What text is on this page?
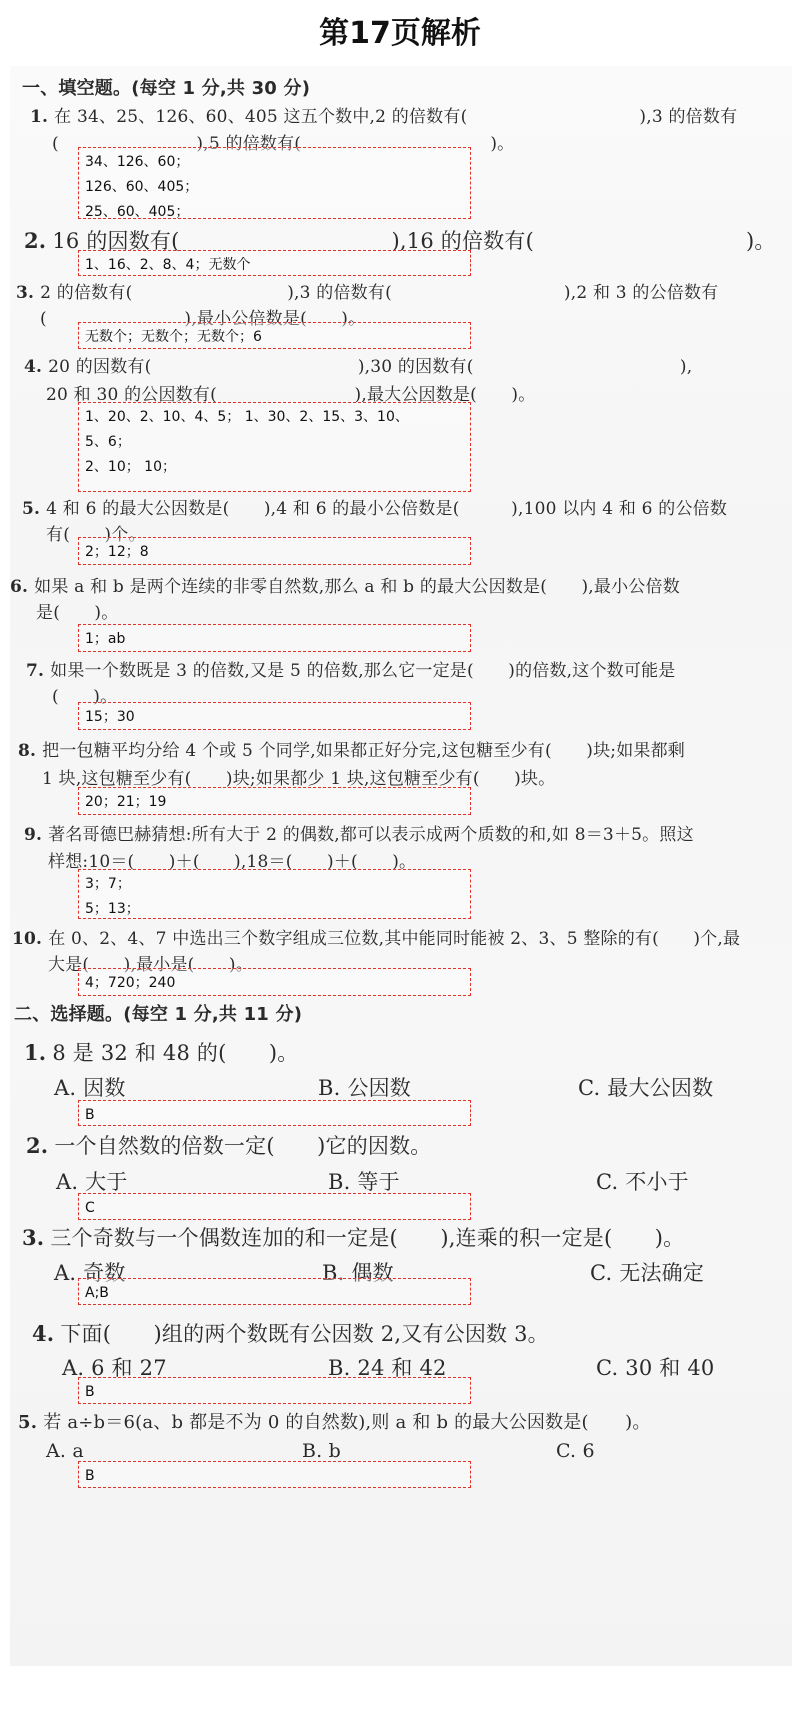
第17页解析
一、填空题。(每空 1 分,共 30 分)
1. 在 34、25、126、60、405 这五个数中,2 的倍数有(　　　　　　　　　　),3 的倍数有
(　　　　　　　　),5 的倍数有(　　　　　　　　　　　)。
34、126、60；
126、60、405；
25、60、405；
2. 16 的因数有(　　　　　　　　　　),16 的倍数有(　　　　　　　　　　)。
1、16、2、8、4；无数个
3. 2 的倍数有(　　　　　　　　　),3 的倍数有(　　　　　　　　　　),2 和 3 的公倍数有
(　　　　　　　　),最小公倍数是(　　)。
无数个；无数个；无数个；6
4. 20 的因数有(　　　　　　　　　　　　),30 的因数有(　　　　　　　　　　　　),
20 和 30 的公因数有(　　　　　　　　),最大公因数是(　　)。
1、20、2、10、4、5； 1、30、2、15、3、10、
5、6；
2、10； 10；
5. 4 和 6 的最大公因数是(　　),4 和 6 的最小公倍数是(　　　),100 以内 4 和 6 的公倍数
有(　　)个。
2；12；8
6. 如果 a 和 b 是两个连续的非零自然数,那么 a 和 b 的最大公因数是(　　),最小公倍数
是(　　)。
1；ab
7. 如果一个数既是 3 的倍数,又是 5 的倍数,那么它一定是(　　)的倍数,这个数可能是
(　　)。
15；30
8. 把一包糖平均分给 4 个或 5 个同学,如果都正好分完,这包糖至少有(　　)块;如果都剩
1 块,这包糖至少有(　　)块;如果都少 1 块,这包糖至少有(　　)块。
20；21；19
9. 著名哥德巴赫猜想:所有大于 2 的偶数,都可以表示成两个质数的和,如 8＝3＋5。照这
样想:10＝(　　)＋(　　),18＝(　　)＋(　　)。
3；7；
5；13；
10. 在 0、2、4、7 中选出三个数字组成三位数,其中能同时能被 2、3、5 整除的有(　　)个,最
大是(　　),最小是(　　)。
4；720；240
二、选择题。(每空 1 分,共 11 分)
1. 8 是 32 和 48 的(　　)。
A. 因数	B. 公因数	C. 最大公因数
B
2. 一个自然数的倍数一定(　　)它的因数。
A. 大于	B. 等于	C. 不小于
C
3. 三个奇数与一个偶数连加的和一定是(　　),连乘的积一定是(　　)。
A. 奇数	B. 偶数	C. 无法确定
A;B
4. 下面(　　)组的两个数既有公因数 2,又有公因数 3。
A. 6 和 27	B. 24 和 42	C. 30 和 40
B
5. 若 a÷b＝6(a、b 都是不为 0 的自然数),则 a 和 b 的最大公因数是(　　)。
A. a	B. b	C. 6
B
